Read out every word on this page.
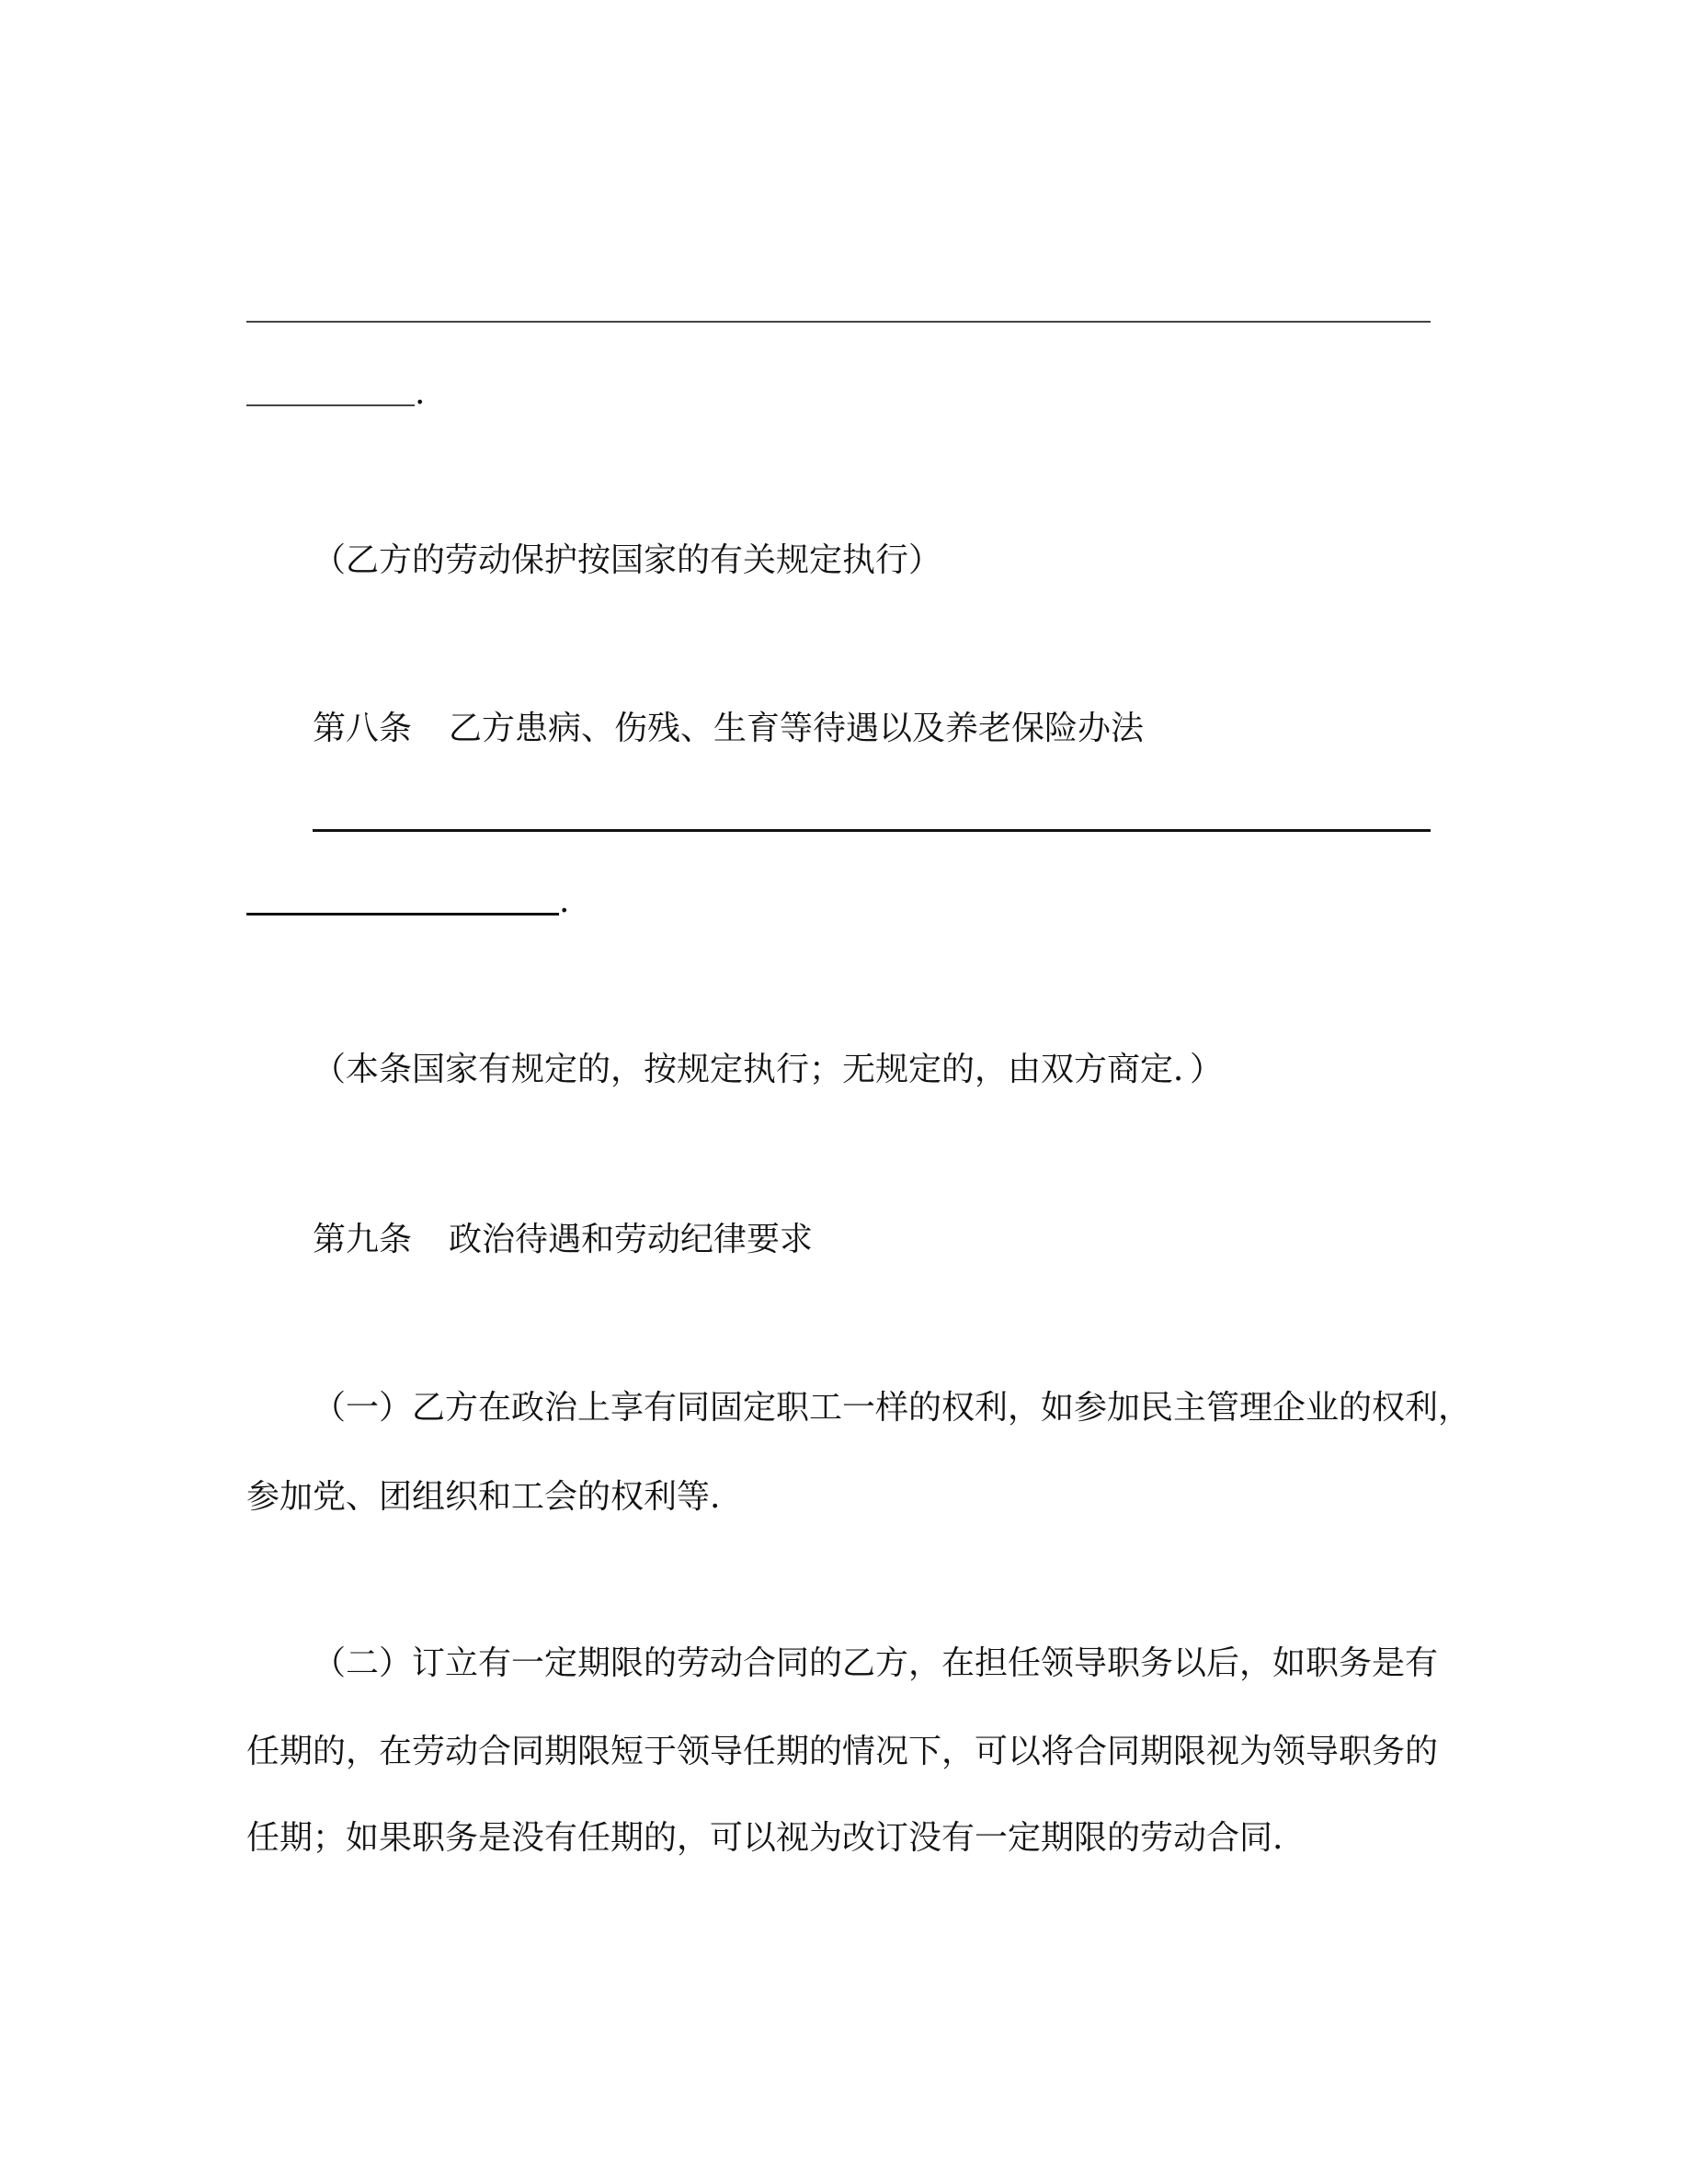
.
（乙方的劳动保护按国家的有关规定执行）
第八条 乙方患病、伤残、生育等待遇以及养老保险办法
.
（本条国家有规定的，按规定执行；无规定的，由双方商定．）
第九条 政治待遇和劳动纪律要求
（一）乙方在政治上享有同固定职工一样的权利，如参加民主管理企业的权利，
参加党、团组织和工会的权利等.
（二）订立有一定期限的劳动合同的乙方，在担任领导职务以后，如职务是有
任期的，在劳动合同期限短于领导任期的情况下，可以将合同期限视为领导职务的
任期；如果职务是没有任期的，可以视为改订没有一定期限的劳动合同.
